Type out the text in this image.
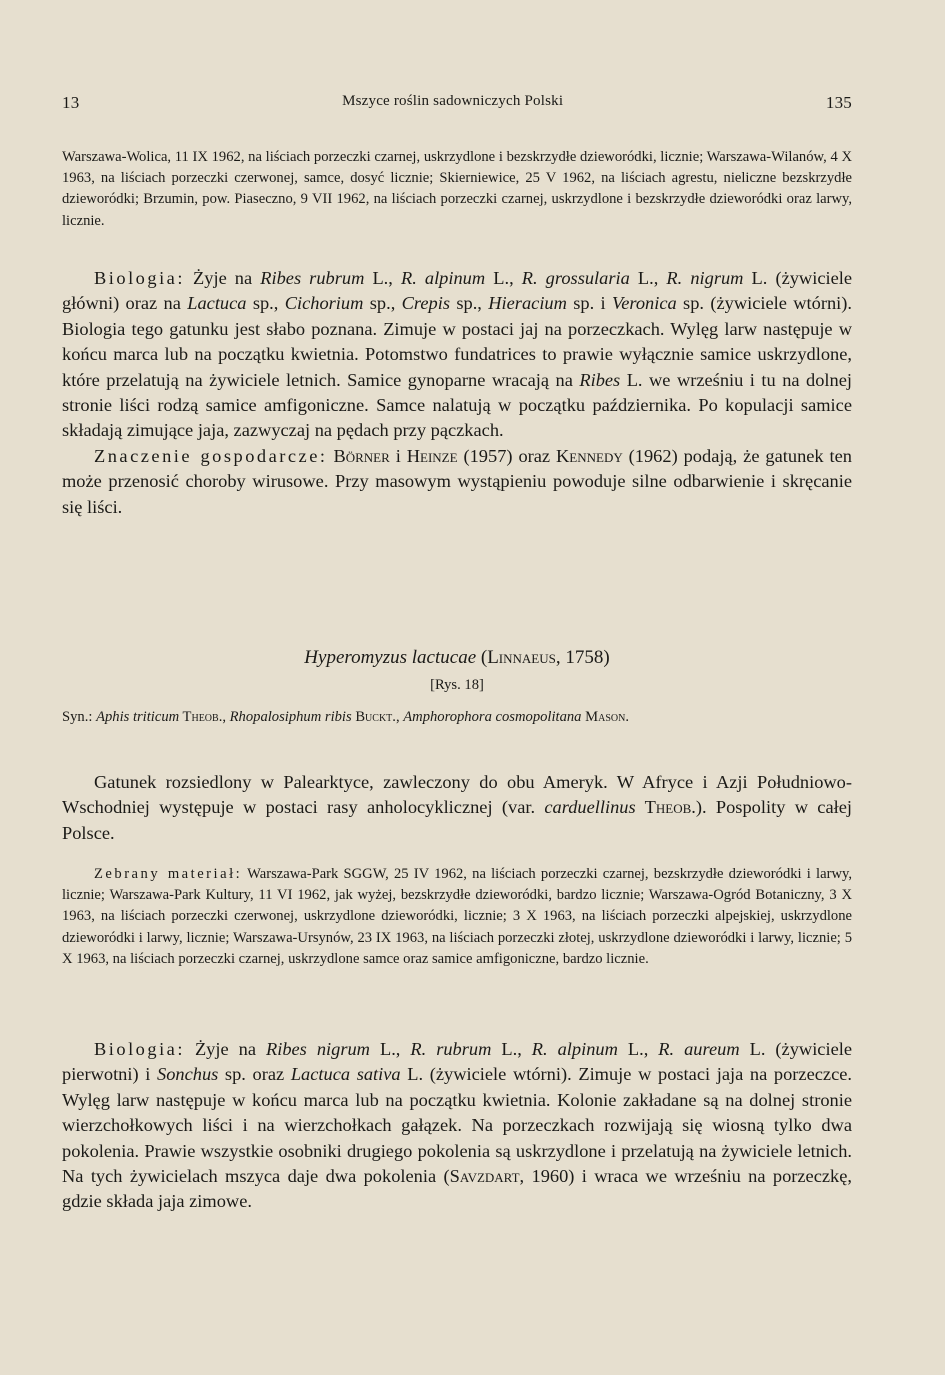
13	Mszyce roślin sadowniczych Polski	135

Warszawa-Wolica, 11 IX 1962, na liściach porzeczki czarnej, uskrzydlone i bezskrzydłe dzieworódki, licznie; Warszawa-Wilanów, 4 X 1963, na liściach porzeczki czerwonej, samce, dosyć licznie; Skierniewice, 25 V 1962, na liściach agrestu, nieliczne bezskrzydłe dzieworódki; Brzumin, pow. Piaseczno, 9 VII 1962, na liściach porzeczki czarnej, uskrzydlone i bezskrzydłe dzieworódki oraz larwy, licznie.

Biologia: Żyje na Ribes rubrum L., R. alpinum L., R. grossularia L., R. nigrum L. (żywiciele główni) oraz na Lactuca sp., Cichorium sp., Crepis sp., Hieracium sp. i Veronica sp. (żywiciele wtórni). Biologia tego gatunku jest słabo poznana. Zimuje w postaci jaj na porzeczkach. Wylęg larw następuje w końcu marca lub na początku kwietnia. Potomstwo fundatrices to prawie wyłącznie samice uskrzydlone, które przelatują na żywiciele letnich. Samice gynoparne wracają na Ribes L. we wrześniu i tu na dolnej stronie liści rodzą samice amfigoniczne. Samce nalatują w początku października. Po kopulacji samice składają zimujące jaja, zazwyczaj na pędach przy pączkach.

Znaczenie gospodarcze: Börner i Heinze (1957) oraz Kennedy (1962) podają, że gatunek ten może przenosić choroby wirusowe. Przy masowym wystąpieniu powoduje silne odbarwienie i skręcanie się liści.

Hyperomyzus lactucae (Linnaeus, 1758)
[Rys. 18]
Syn.: Aphis triticum Theob., Rhopalosiphum ribis Buckt., Amphorophora cosmopolitana Mason.

Gatunek rozsiedlony w Palearktyce, zawleczony do obu Ameryk. W Afryce i Azji Południowo-Wschodniej występuje w postaci rasy anholocyklicznej (var. carduellinus Theob.). Pospolity w całej Polsce.

Zebrany materiał: Warszawa-Park SGGW, 25 IV 1962, na liściach porzeczki czarnej, bezskrzydłe dzieworódki i larwy, licznie; Warszawa-Park Kultury, 11 VI 1962, jak wyżej, bezskrzydłe dzieworódki, bardzo licznie; Warszawa-Ogród Botaniczny, 3 X 1963, na liściach porzeczki czerwonej, uskrzydlone dzieworódki, licznie; 3 X 1963, na liściach porzeczki alpejskiej, uskrzydlone dzieworódki i larwy, licznie; Warszawa-Ursynów, 23 IX 1963, na liściach porzeczki złotej, uskrzydlone dzieworódki i larwy, licznie; 5 X 1963, na liściach porzeczki czarnej, uskrzydlone samce oraz samice amfigoniczne, bardzo licznie.

Biologia: Żyje na Ribes nigrum L., R. rubrum L., R. alpinum L., R. aureum L. (żywiciele pierwotni) i Sonchus sp. oraz Lactuca sativa L. (żywiciele wtórni). Zimuje w postaci jaja na porzeczce. Wylęg larw następuje w końcu marca lub na początku kwietnia. Kolonie zakładane są na dolnej stronie wierzchołkowych liści i na wierzchołkach gałązek. Na porzeczkach rozwijają się wiosną tylko dwa pokolenia. Prawie wszystkie osobniki drugiego pokolenia są uskrzydlone i przelatują na żywiciele letnich. Na tych żywicielach mszyca daje dwa pokolenia (Savzdart, 1960) i wraca we wrześniu na porzeczkę, gdzie składa jaja zimowe.
